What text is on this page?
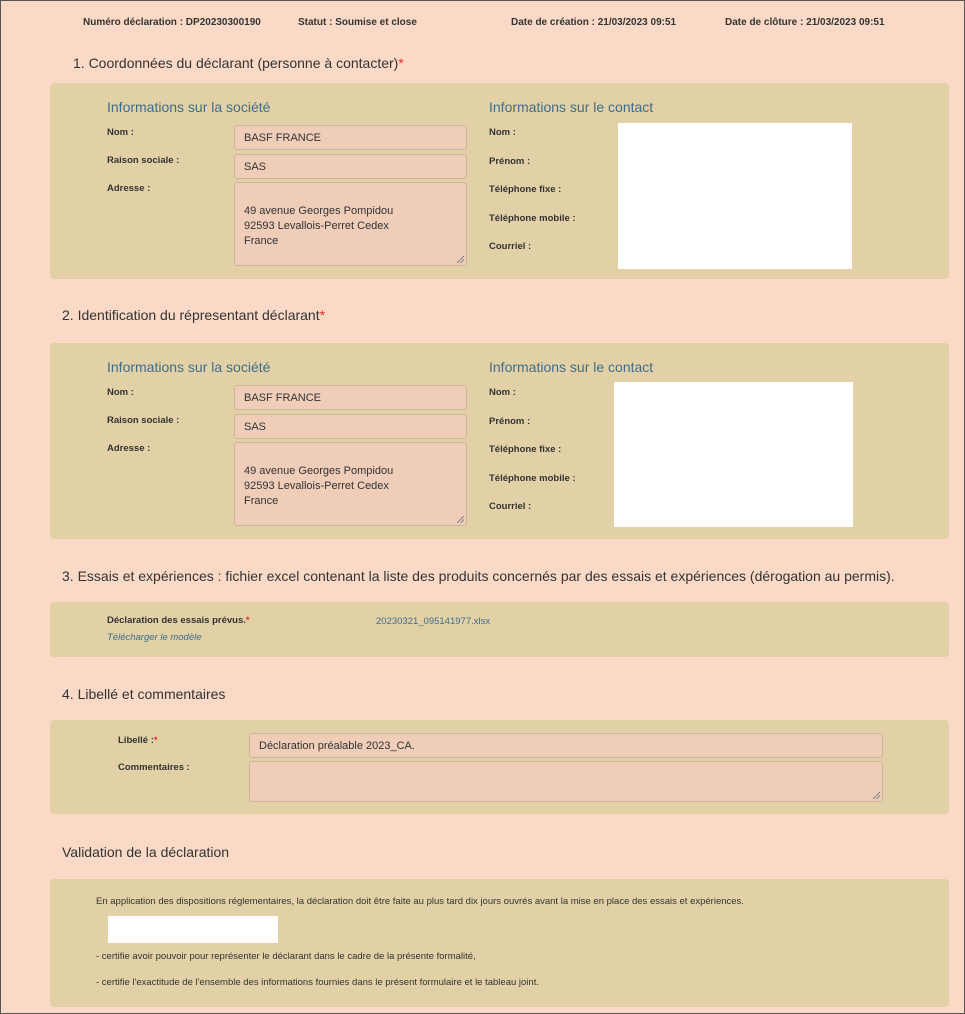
Numéro déclaration : DP20230300190	Statut : Soumise et close	Date de création : 21/03/2023 09:51	Date de clôture : 21/03/2023 09:51
1. Coordonnées du déclarant (personne à contacter)*
Informations sur la société	Informations sur le contact
Nom :	BASF FRANCE
Raison sociale :
SAS
Adresse :

49 avenue Georges Pompidou
92593 Levallois-Perret Cedex
France

Nom :
Prénom :
Téléphone fixe :
Téléphone mobile :
Courriel :
2. Identification du répresentant déclarant*
Informations sur la société	Informations sur le contact
Nom :	BASF FRANCE
Raison sociale :
SAS
Adresse :

49 avenue Georges Pompidou
92593 Levallois-Perret Cedex
France

Nom :
Prénom :
Téléphone fixe :
Téléphone mobile :
Courriel :
3. Essais et expériences : fichier excel contenant la liste des produits concernés par des essais et expériences (dérogation au permis).
Déclaration des essais prévus.*
Télécharger le modèle
20230321_095141977.xlsx
4. Libellé et commentaires
Libellé :*	Déclaration préalable 2023_CA.
Commentaires :
Validation de la déclaration
En application des dispositions réglementaires, la déclaration doit être faite au plus tard dix jours ouvrés avant la mise en place des essais et expériences.
- certifie avoir pouvoir pour représenter le déclarant dans le cadre de la présente formalité,
- certifie l'exactitude de l'ensemble des informations fournies dans le présent formulaire et le tableau joint.
